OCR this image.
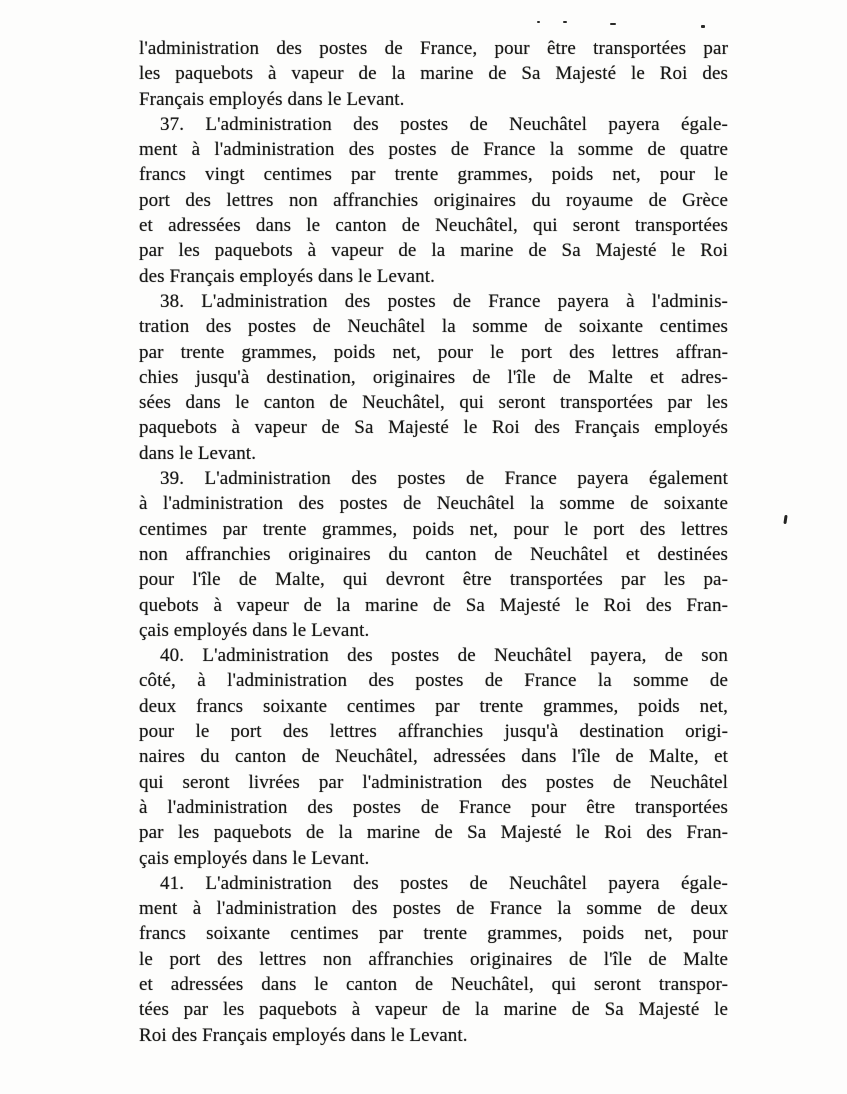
l'administration des postes de France, pour être transportées par
les paquebots à vapeur de la marine de Sa Majesté le Roi des
Français employés dans le Levant.
37. L'administration des postes de Neuchâtel payera égale-
ment à l'administration des postes de France la somme de quatre
francs vingt centimes par trente grammes, poids net, pour le
port des lettres non affranchies originaires du royaume de Grèce
et adressées dans le canton de Neuchâtel, qui seront transportées
par les paquebots à vapeur de la marine de Sa Majesté le Roi
des Français employés dans le Levant.
38. L'administration des postes de France payera à l'adminis-
tration des postes de Neuchâtel la somme de soixante centimes
par trente grammes, poids net, pour le port des lettres affran-
chies jusqu'à destination, originaires de l'île de Malte et adres-
sées dans le canton de Neuchâtel, qui seront transportées par les
paquebots à vapeur de Sa Majesté le Roi des Français employés
dans le Levant.
39. L'administration des postes de France payera également
à l'administration des postes de Neuchâtel la somme de soixante
centimes par trente grammes, poids net, pour le port des lettres
non affranchies originaires du canton de Neuchâtel et destinées
pour l'île de Malte, qui devront être transportées par les pa-
quebots à vapeur de la marine de Sa Majesté le Roi des Fran-
çais employés dans le Levant.
40. L'administration des postes de Neuchâtel payera, de son
côté, à l'administration des postes de France la somme de
deux francs soixante centimes par trente grammes, poids net,
pour le port des lettres affranchies jusqu'à destination origi-
naires du canton de Neuchâtel, adressées dans l'île de Malte, et
qui seront livrées par l'administration des postes de Neuchâtel
à l'administration des postes de France pour être transportées
par les paquebots de la marine de Sa Majesté le Roi des Fran-
çais employés dans le Levant.
41. L'administration des postes de Neuchâtel payera égale-
ment à l'administration des postes de France la somme de deux
francs soixante centimes par trente grammes, poids net, pour
le port des lettres non affranchies originaires de l'île de Malte
et adressées dans le canton de Neuchâtel, qui seront transpor-
tées par les paquebots à vapeur de la marine de Sa Majesté le
Roi des Français employés dans le Levant.
